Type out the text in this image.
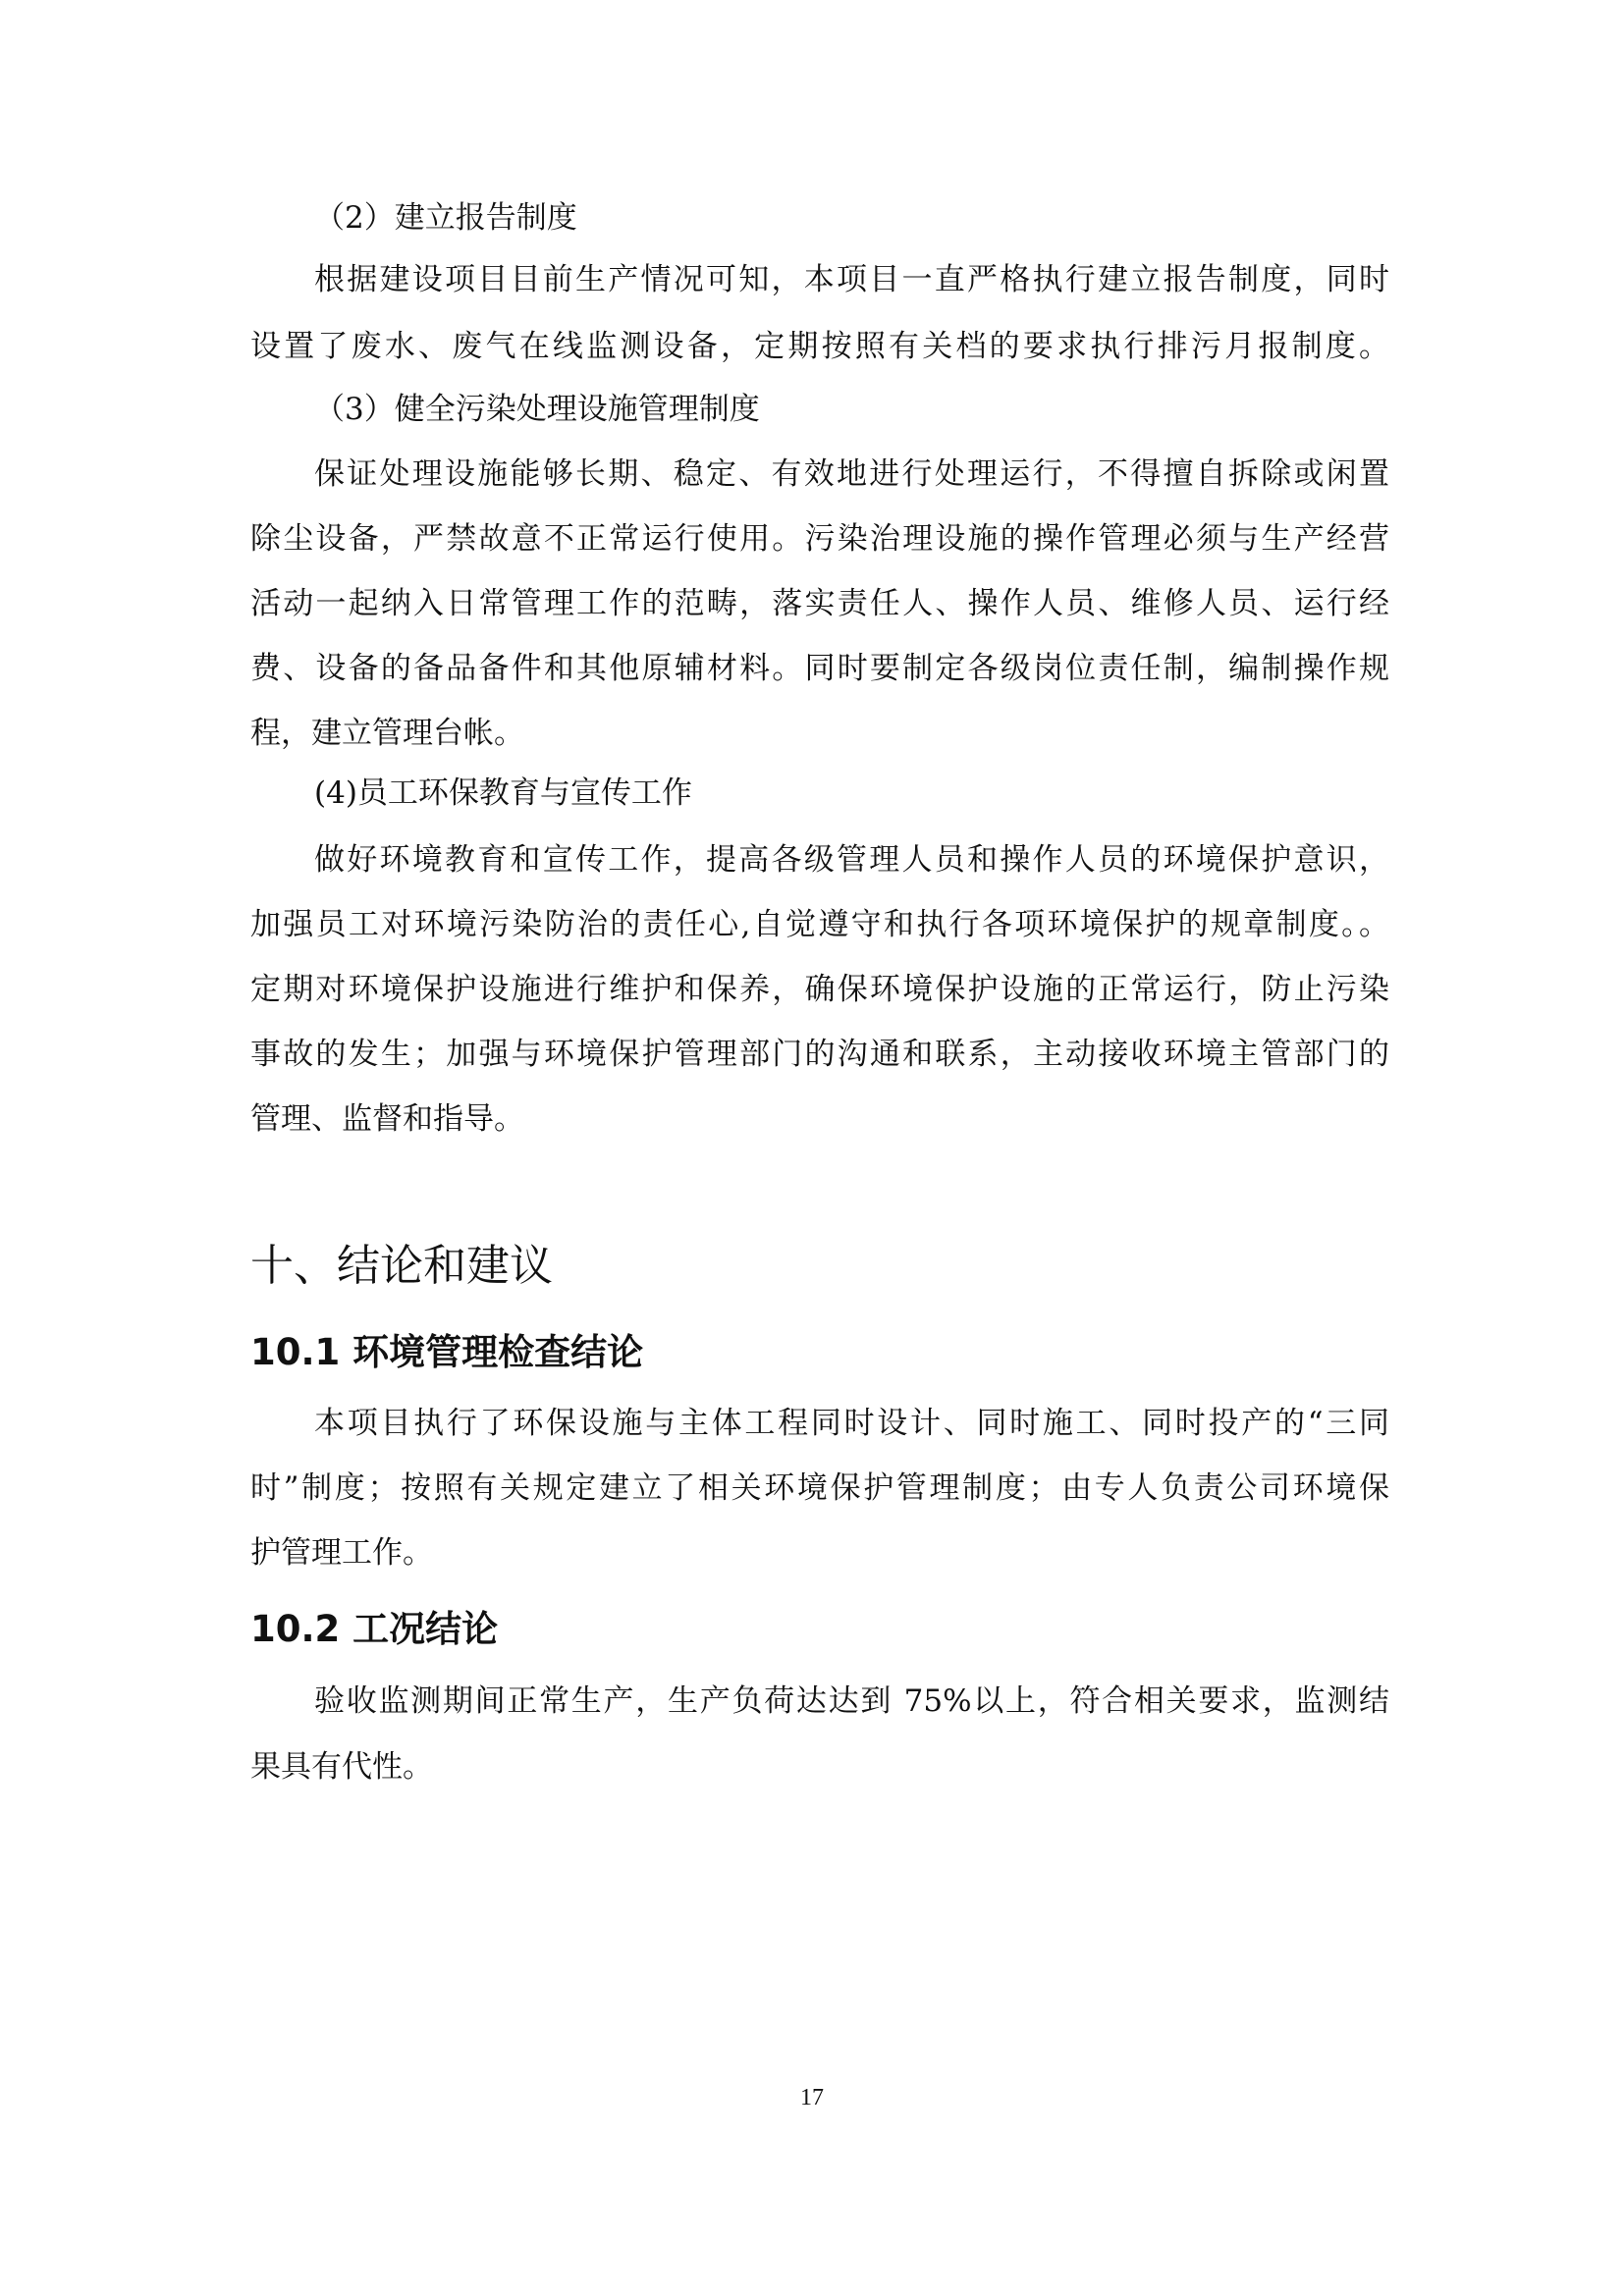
（2）建立报告制度
根据建设项目目前生产情况可知，本项目一直严格执行建立报告制度，同时
设置了废水、废气在线监测设备，定期按照有关档的要求执行排污月报制度。
（3）健全污染处理设施管理制度
保证处理设施能够长期、稳定、有效地进行处理运行，不得擅自拆除或闲置
除尘设备，严禁故意不正常运行使用。污染治理设施的操作管理必须与生产经营
活动一起纳入日常管理工作的范畴，落实责任人、操作人员、维修人员、运行经
费、设备的备品备件和其他原辅材料。同时要制定各级岗位责任制，编制操作规
程，建立管理台帐。
(4)员工环保教育与宣传工作
做好环境教育和宣传工作，提高各级管理人员和操作人员的环境保护意识，
加强员工对环境污染防治的责任心,自觉遵守和执行各项环境保护的规章制度。。
定期对环境保护设施进行维护和保养，确保环境保护设施的正常运行，防止污染
事故的发生；加强与环境保护管理部门的沟通和联系，主动接收环境主管部门的
管理、监督和指导。
十、结论和建议
10.1 环境管理检查结论
本项目执行了环保设施与主体工程同时设计、同时施工、同时投产的“三同
时”制度；按照有关规定建立了相关环境保护管理制度；由专人负责公司环境保
护管理工作。
10.2 工况结论
验收监测期间正常生产，生产负荷达达到 75%以上，符合相关要求，监测结
果具有代性。
17
